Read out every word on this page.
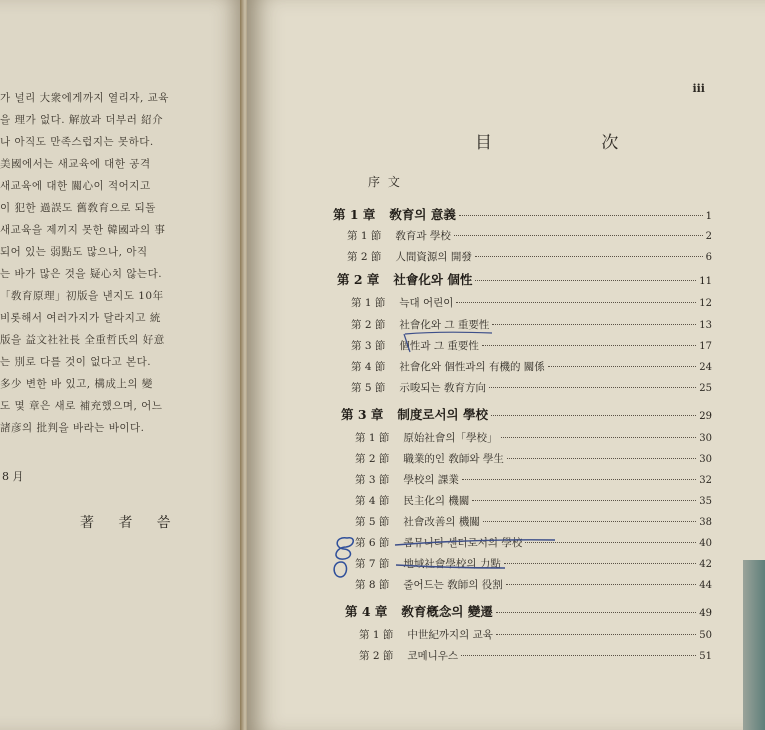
가 널리 大衆에게까지 열리자, 교육
을 理가 없다. 解放과 더부러 紹介
나 아직도 만족스럽지는 못하다.
美國에서는 새교육에 대한 공격
새교육에 대한 關心이 적어지고
이 犯한 過誤도 舊敎育으로 되돌
새교육을 제끼지 못한 韓國과의 事
되어 있는 弱點도 많으나, 아직
는 바가 많은 것을 疑心치 않는다.
「敎育原理」初版을 낸지도 10年
비롯해서 여러가지가 달라지고 統
版을 益文社社長 全重哲氏의 好意
는 別로 다를 것이 없다고 본다.
多少 변한 바 있고, 構成上의 變
도 몇 章은 새로 補充했으며, 어느
諸彦의 批判을 바라는 바이다.
8 月
著 者 씀
iii
目 次
序 文
第 1 章 敎育의 意義	1
第 1 節 敎育과 學校	2
第 2 節 人間資源의 開發	6
第 2 章 社會化와 個性	11
第 1 節 늑대 어린이	12
第 2 節 社會化와 그 重要性	13
第 3 節 個性과 그 重要性	17
第 4 節 社會化와 個性과의 有機的 關係	24
第 5 節 示唆되는 敎育方向	25
第 3 章 制度로서의 學校	29
第 1 節 原始社會의「學校」	30
第 2 節 職業的인 敎師와 學生	30
第 3 節 學校의 課業	32
第 4 節 民主化의 機關	35
第 5 節 社會改善의 機關	38
第 6 節 콤뮤니티 센터로서의 學校	40
第 7 節 地域社會學校의 力點	42
第 8 節 줄어드는 敎師의 役割	44
第 4 章 敎育槪念의 變遷	49
第 1 節 中世紀까지의 교육	50
第 2 節 코메니우스	51
